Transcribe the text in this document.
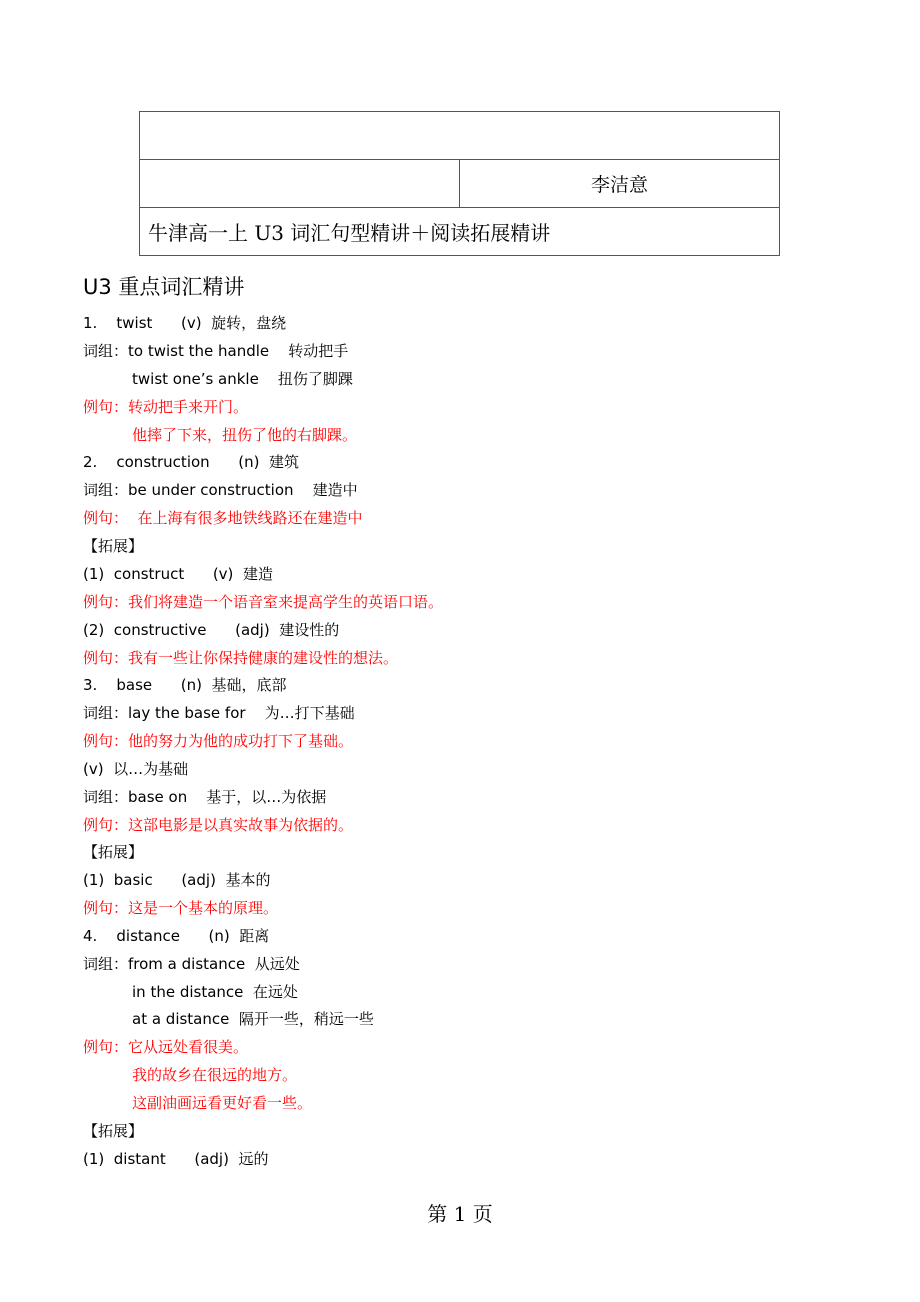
	李洁意
牛津高一上 U3 词汇句型精讲＋阅读拓展精讲
U3 重点词汇精讲
1.    twist      (v)  旋转，盘绕
词组：to twist the handle    转动把手
twist one’s ankle    扭伤了脚踝
例句：转动把手来开门。
他摔了下来，扭伤了他的右脚踝。
2.    construction      (n)  建筑
词组：be under construction    建造中
例句：  在上海有很多地铁线路还在建造中
【拓展】
(1)  construct      (v)  建造
例句：我们将建造一个语音室来提高学生的英语口语。
(2)  constructive      (adj)  建设性的
例句：我有一些让你保持健康的建设性的想法。
3.    base      (n)  基础，底部
词组：lay the base for    为…打下基础
例句：他的努力为他的成功打下了基础。
(v)  以…为基础
词组：base on    基于，以…为依据
例句：这部电影是以真实故事为依据的。
【拓展】
(1)  basic      (adj)  基本的
例句：这是一个基本的原理。
4.    distance      (n)  距离
词组：from a distance  从远处
in the distance  在远处
at a distance  隔开一些，稍远一些
例句：它从远处看很美。
我的故乡在很远的地方。
这副油画远看更好看一些。
【拓展】
(1)  distant      (adj)  远的
第 1 页
